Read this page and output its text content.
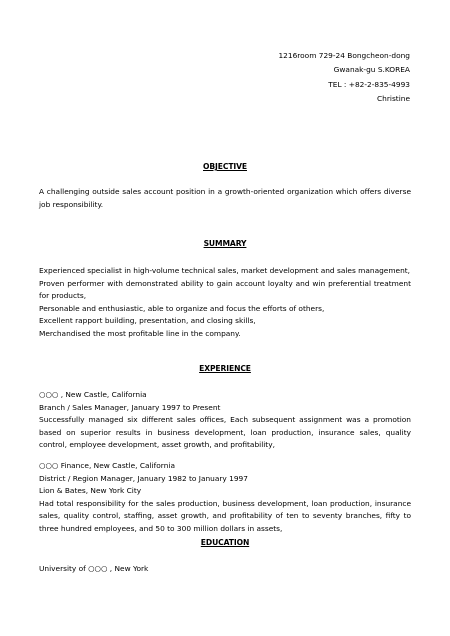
1216room 729-24 Bongcheon-dong
Gwanak-gu S.KOREA
TEL : +82-2-835-4993
Christine
OBJECTIVE

A challenging outside sales account position in a growth-oriented organization which offers diverse job responsibility.

SUMMARY

Experienced specialist in high-volume technical sales, market development and sales management,

Proven performer with demonstrated ability to gain account loyalty and win preferential treatment for products,

Personable and enthusiastic, able to organize and focus the efforts of others,

Excellent rapport building, presentation, and closing skills,

Merchandised the most profitable line in the company.

EXPERIENCE

○○○ , New Castle, California

Branch / Sales Manager, January 1997 to Present

Successfully managed six different sales offices, Each subsequent assignment was a promotion based on superior results in business development, loan production, insurance sales, quality control, employee development, asset growth, and profitability,

○○○ Finance, New Castle, California

District / Region Manager, January 1982 to January 1997

Lion & Bates, New York City

Had total responsibility for the sales production, business development, loan production, insurance sales, quality control, staffing, asset growth, and profitability of ten to seventy branches, fifty to three hundred employees, and 50 to 300 million dollars in assets,

EDUCATION

University of ○○○ , New York
